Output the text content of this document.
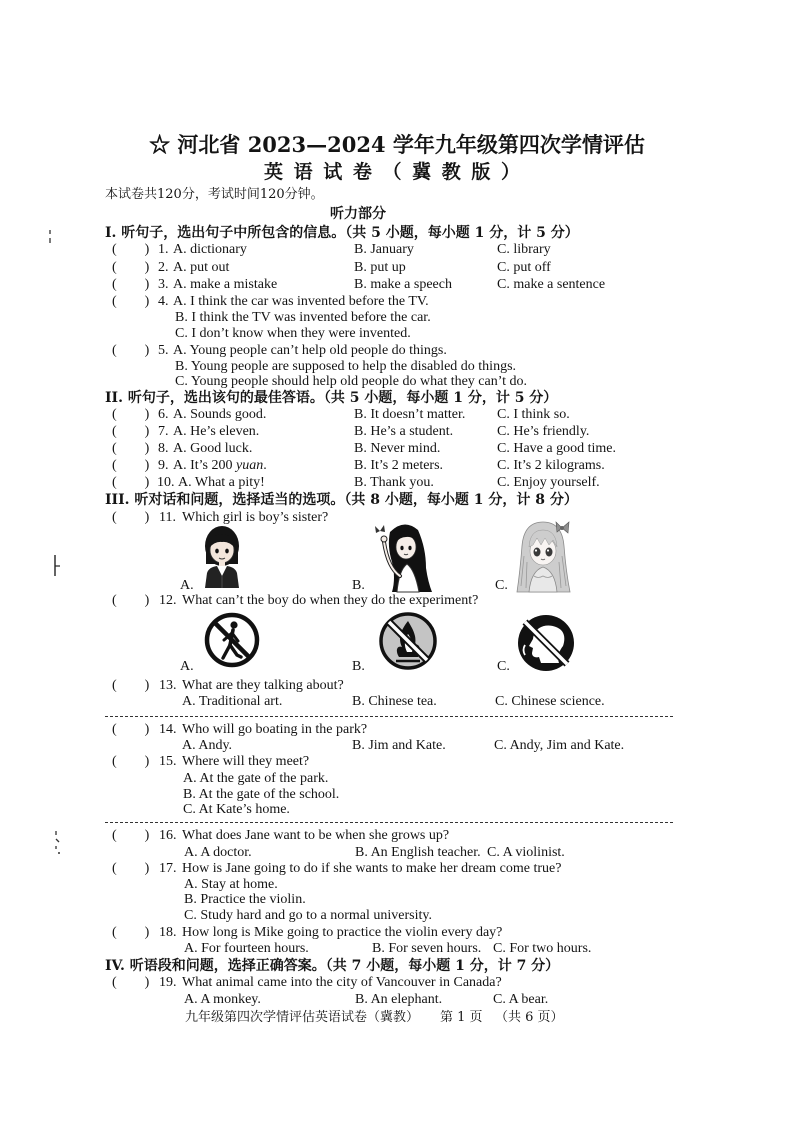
☆ 河北省 2023—2024 学年九年级第四次学情评估
英 语 试 卷 （ 冀 教 版 ）
本试卷共120分，考试时间120分钟。
听力部分
I. 听句子，选出句子中所包含的信息。（共 5 小题，每小题 1 分，计 5 分）
(        ) 1. A. dictionary	B. January	C. library
(        ) 2. A. put out	B. put up	C. put off
(        ) 3. A. make a mistake	B. make a speech	C. make a sentence
(        ) 4. A. I think the car was invented before the TV.
B. I think the TV was invented before the car.
C. I don’t know when they were invented.
(        ) 5. A. Young people can’t help old people do things.
B. Young people are supposed to help the disabled do things.
C. Young people should help old people do what they can’t do.
II. 听句子，选出该句的最佳答语。（共 5 小题，每小题 1 分，计 5 分）
(        ) 6. A. Sounds good.	B. It doesn’t matter. C. I think so.
(        ) 7. A. He’s eleven.	B. He’s a student.	C. He’s friendly.
(        ) 8. A. Good luck.	B. Never mind.	C. Have a good time.
(        ) 9. A. It’s 200 yuan.	B. It’s 2 meters.	C. It’s 2 kilograms.
(        ) 10. A. What a pity!	B. Thank you.	C. Enjoy yourself.
III. 听对话和问题，选择适当的选项。（共 8 小题，每小题 1 分，计 8 分）
(        ) 11. Which girl is boy’s sister?
A.	B.	C.
(        ) 12. What can’t the boy do when they do the experiment?
A.	B.	C.
(        ) 13. What are they talking about?
A. Traditional art.	B. Chinese tea.	C. Chinese science.
(        ) 14. Who will go boating in the park?
A. Andy.	B. Jim and Kate.	C. Andy, Jim and Kate.
(        ) 15. Where will they meet?
A. At the gate of the park.
B. At the gate of the school.
C. At Kate’s home.
(        ) 16. What does Jane want to be when she grows up?
A. A doctor.	B. An English teacher. C. A violinist.
(        ) 17. How is Jane going to do if she wants to make her dream come true?
A. Stay at home.
B. Practice the violin.
C. Study hard and go to a normal university.
(        ) 18. How long is Mike going to practice the violin every day?
A. For fourteen hours.	B. For seven hours. C. For two hours.
IV. 听语段和问题，选择正确答案。（共 7 小题，每小题 1 分，计 7 分）
(        ) 19. What animal came into the city of Vancouver in Canada?
A. A monkey.	B. An elephant.	C. A bear.
九年级第四次学情评估英语试卷（冀教） 第 1 页 （共 6 页）
